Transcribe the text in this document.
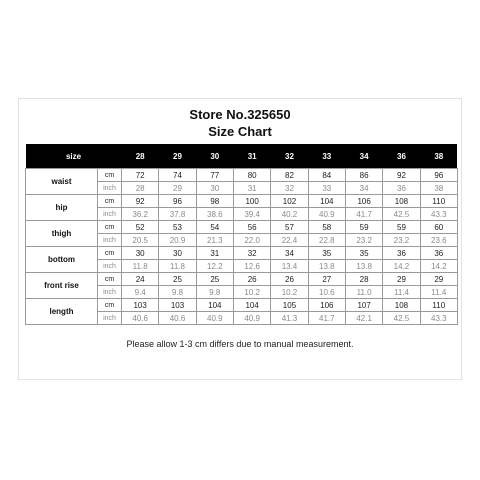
Store No.325650
Size Chart
size		28	29	30	31	32	33	34	36	38
waist	cm	72	74	77	80	82	84	86	92	96
	inch	28	29	30	31	32	33	34	36	38
hip	cm	92	96	98	100	102	104	106	108	110
	inch	36.2	37.8	38.6	39.4	40.2	40.9	41.7	42.5	43.3
thigh	cm	52	53	54	56	57	58	59	59	60
	inch	20.5	20.9	21.3	22.0	22.4	22.8	23.2	23.2	23.6
bottom	cm	30	30	31	32	34	35	35	36	36
	inch	11.8	11.8	12.2	12.6	13.4	13.8	13.8	14.2	14.2
front rise	cm	24	25	25	26	26	27	28	29	29
	inch	9.4	9.8	9.8	10.2	10.2	10.6	11.0	11.4	11.4
length	cm	103	103	104	104	105	106	107	108	110
	inch	40.6	40.6	40.9	40.9	41.3	41.7	42.1	42.5	43.3
Please allow 1-3 cm differs due to manual measurement.
